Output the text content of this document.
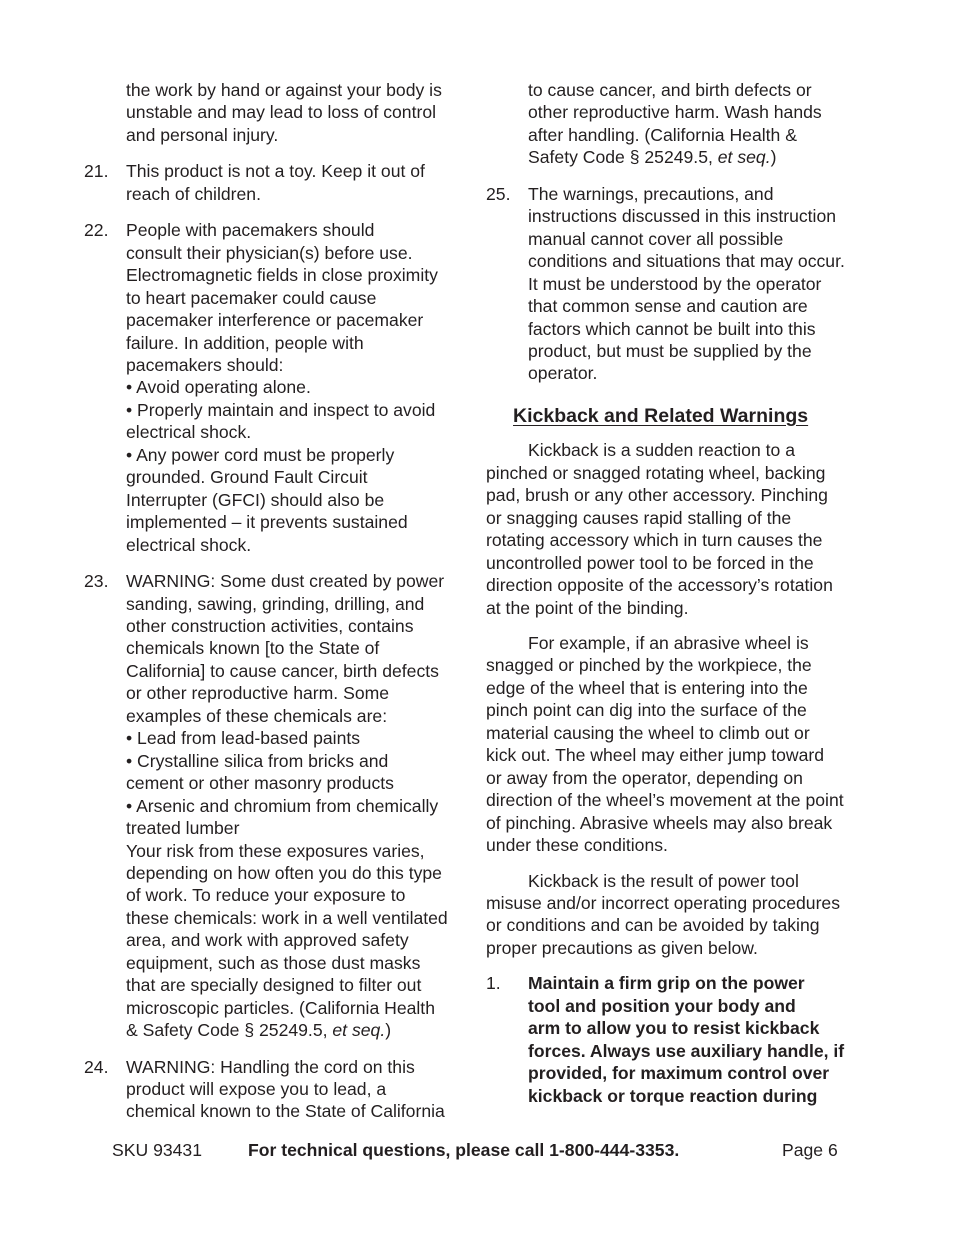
the work by hand or against your body is
unstable and may lead to loss of control
and personal injury.
21. This product is not a toy. Keep it out of
reach of children.
22. People with pacemakers should
consult their physician(s) before use.
Electromagnetic fields in close proximity
to heart pacemaker could cause
pacemaker interference or pacemaker
failure. In addition, people with
pacemakers should:
• Avoid operating alone.
• Properly maintain and inspect to avoid
electrical shock.
• Any power cord must be properly
grounded. Ground Fault Circuit
Interrupter (GFCI) should also be
implemented – it prevents sustained
electrical shock.
23. WARNING: Some dust created by power
sanding, sawing, grinding, drilling, and
other construction activities, contains
chemicals known [to the State of
California] to cause cancer, birth defects
or other reproductive harm. Some
examples of these chemicals are:
• Lead from lead-based paints
• Crystalline silica from bricks and
cement or other masonry products
• Arsenic and chromium from chemically
treated lumber
Your risk from these exposures varies,
depending on how often you do this type
of work. To reduce your exposure to
these chemicals: work in a well ventilated
area, and work with approved safety
equipment, such as those dust masks
that are specially designed to filter out
microscopic particles. (California Health
& Safety Code § 25249.5, et seq.)
24. WARNING: Handling the cord on this
product will expose you to lead, a
chemical known to the State of California
to cause cancer, and birth defects or
other reproductive harm. Wash hands
after handling. (California Health &
Safety Code § 25249.5, et seq.)
25. The warnings, precautions, and
instructions discussed in this instruction
manual cannot cover all possible
conditions and situations that may occur.
It must be understood by the operator
that common sense and caution are
factors which cannot be built into this
product, but must be supplied by the
operator.
Kickback and Related Warnings
Kickback is a sudden reaction to a
pinched or snagged rotating wheel, backing
pad, brush or any other accessory. Pinching
or snagging causes rapid stalling of the
rotating accessory which in turn causes the
uncontrolled power tool to be forced in the
direction opposite of the accessory’s rotation
at the point of the binding.
For example, if an abrasive wheel is
snagged or pinched by the workpiece, the
edge of the wheel that is entering into the
pinch point can dig into the surface of the
material causing the wheel to climb out or
kick out. The wheel may either jump toward
or away from the operator, depending on
direction of the wheel’s movement at the point
of pinching. Abrasive wheels may also break
under these conditions.
Kickback is the result of power tool
misuse and/or incorrect operating procedures
or conditions and can be avoided by taking
proper precautions as given below.
1. Maintain a firm grip on the power
tool and position your body and
arm to allow you to resist kickback
forces. Always use auxiliary handle, if
provided, for maximum control over
kickback or torque reaction during
SKU 93431	For technical questions, please call 1-800-444-3353.	Page 6
